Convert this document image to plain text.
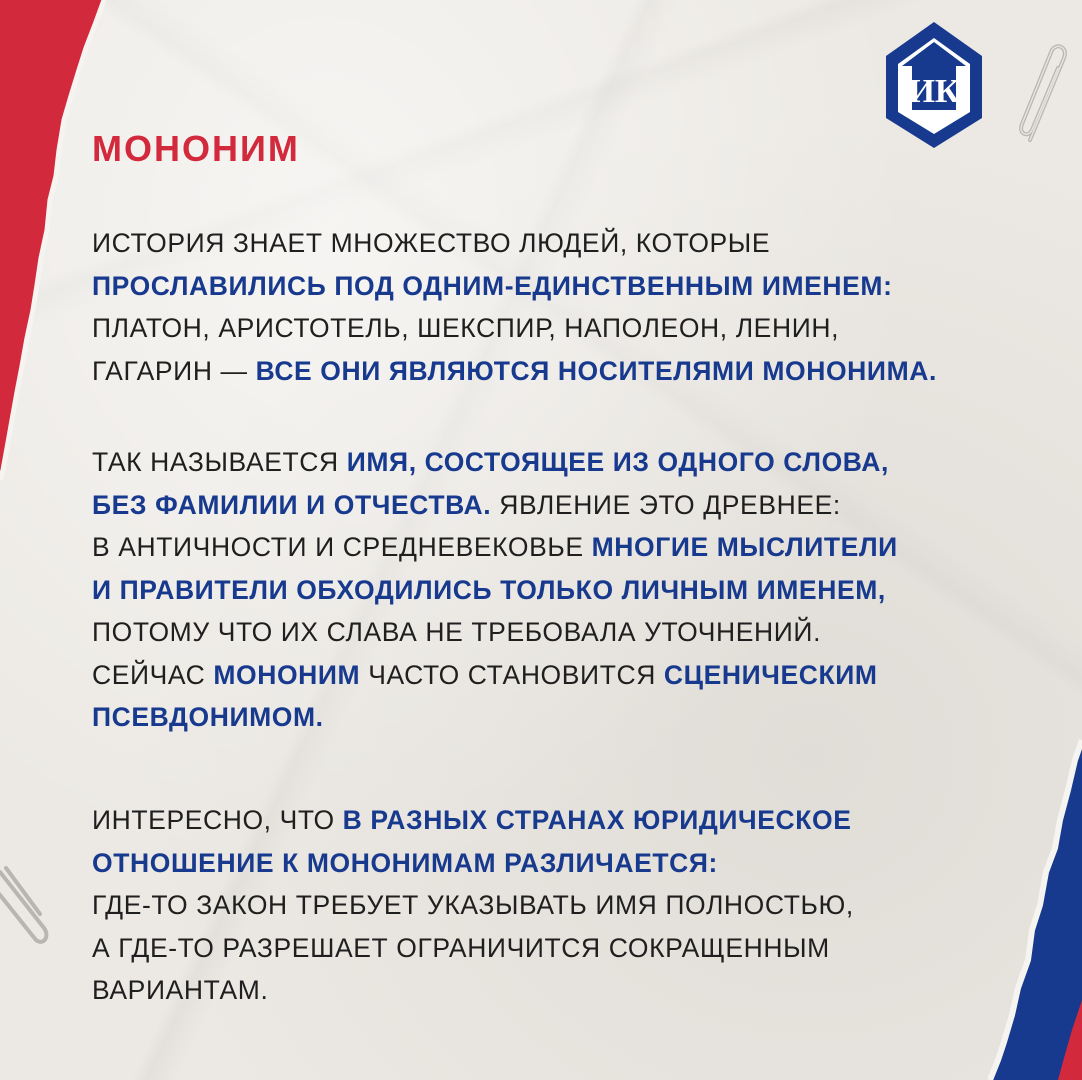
ИК
МОНОНИМ

ИСТОРИЯ ЗНАЕТ МНОЖЕСТВО ЛЮДЕЙ, КОТОРЫЕ
ПРОСЛАВИЛИСЬ ПОД ОДНИМ-ЕДИНСТВЕННЫМ ИМЕНЕМ:
ПЛАТОН, АРИСТОТЕЛЬ, ШЕКСПИР, НАПОЛЕОН, ЛЕНИН,
ГАГАРИН — ВСЕ ОНИ ЯВЛЯЮТСЯ НОСИТЕЛЯМИ МОНОНИМА.

ТАК НАЗЫВАЕТСЯ ИМЯ, СОСТОЯЩЕЕ ИЗ ОДНОГО СЛОВА,
БЕЗ ФАМИЛИИ И ОТЧЕСТВА. ЯВЛЕНИЕ ЭТО ДРЕВНЕЕ:
В АНТИЧНОСТИ И СРЕДНЕВЕКОВЬЕ МНОГИЕ МЫСЛИТЕЛИ
И ПРАВИТЕЛИ ОБХОДИЛИСЬ ТОЛЬКО ЛИЧНЫМ ИМЕНЕМ,
ПОТОМУ ЧТО ИХ СЛАВА НЕ ТРЕБОВАЛА УТОЧНЕНИЙ.
СЕЙЧАС МОНОНИМ ЧАСТО СТАНОВИТСЯ СЦЕНИЧЕСКИМ
ПСЕВДОНИМОМ.

ИНТЕРЕСНО, ЧТО В РАЗНЫХ СТРАНАХ ЮРИДИЧЕСКОЕ
ОТНОШЕНИЕ К МОНОНИМАМ РАЗЛИЧАЕТСЯ:
ГДЕ-ТО ЗАКОН ТРЕБУЕТ УКАЗЫВАТЬ ИМЯ ПОЛНОСТЬЮ,
А ГДЕ-ТО РАЗРЕШАЕТ ОГРАНИЧИТСЯ СОКРАЩЕННЫМ
ВАРИАНТАМ.
